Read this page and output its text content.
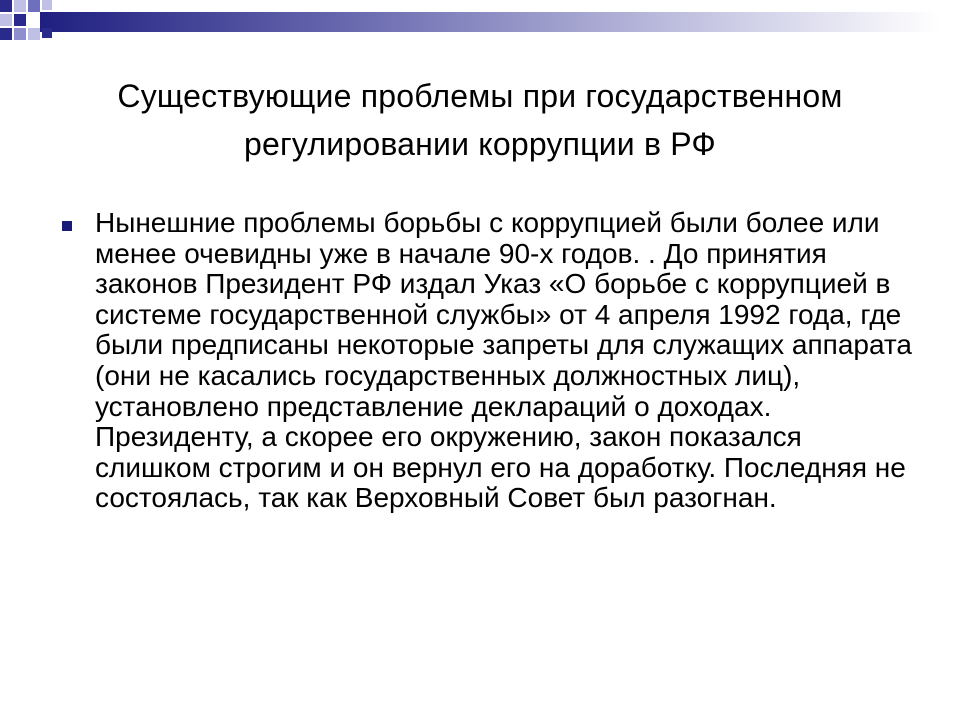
Существующие проблемы при государственном регулировании коррупции в РФ
Нынешние проблемы борьбы с коррупцией были более или менее очевидны уже в начале 90-х годов. . До принятия законов Президент РФ издал Указ «О борьбе с коррупцией в системе государственной службы» от 4 апреля 1992 года, где были предписаны некоторые запреты для служащих аппарата (они не касались государственных должностных лиц), установлено представление деклараций о доходах. Президенту, а скорее его окружению, закон показался слишком строгим и он вернул его на доработку. Последняя не состоялась, так как Верховный Совет был разогнан.
